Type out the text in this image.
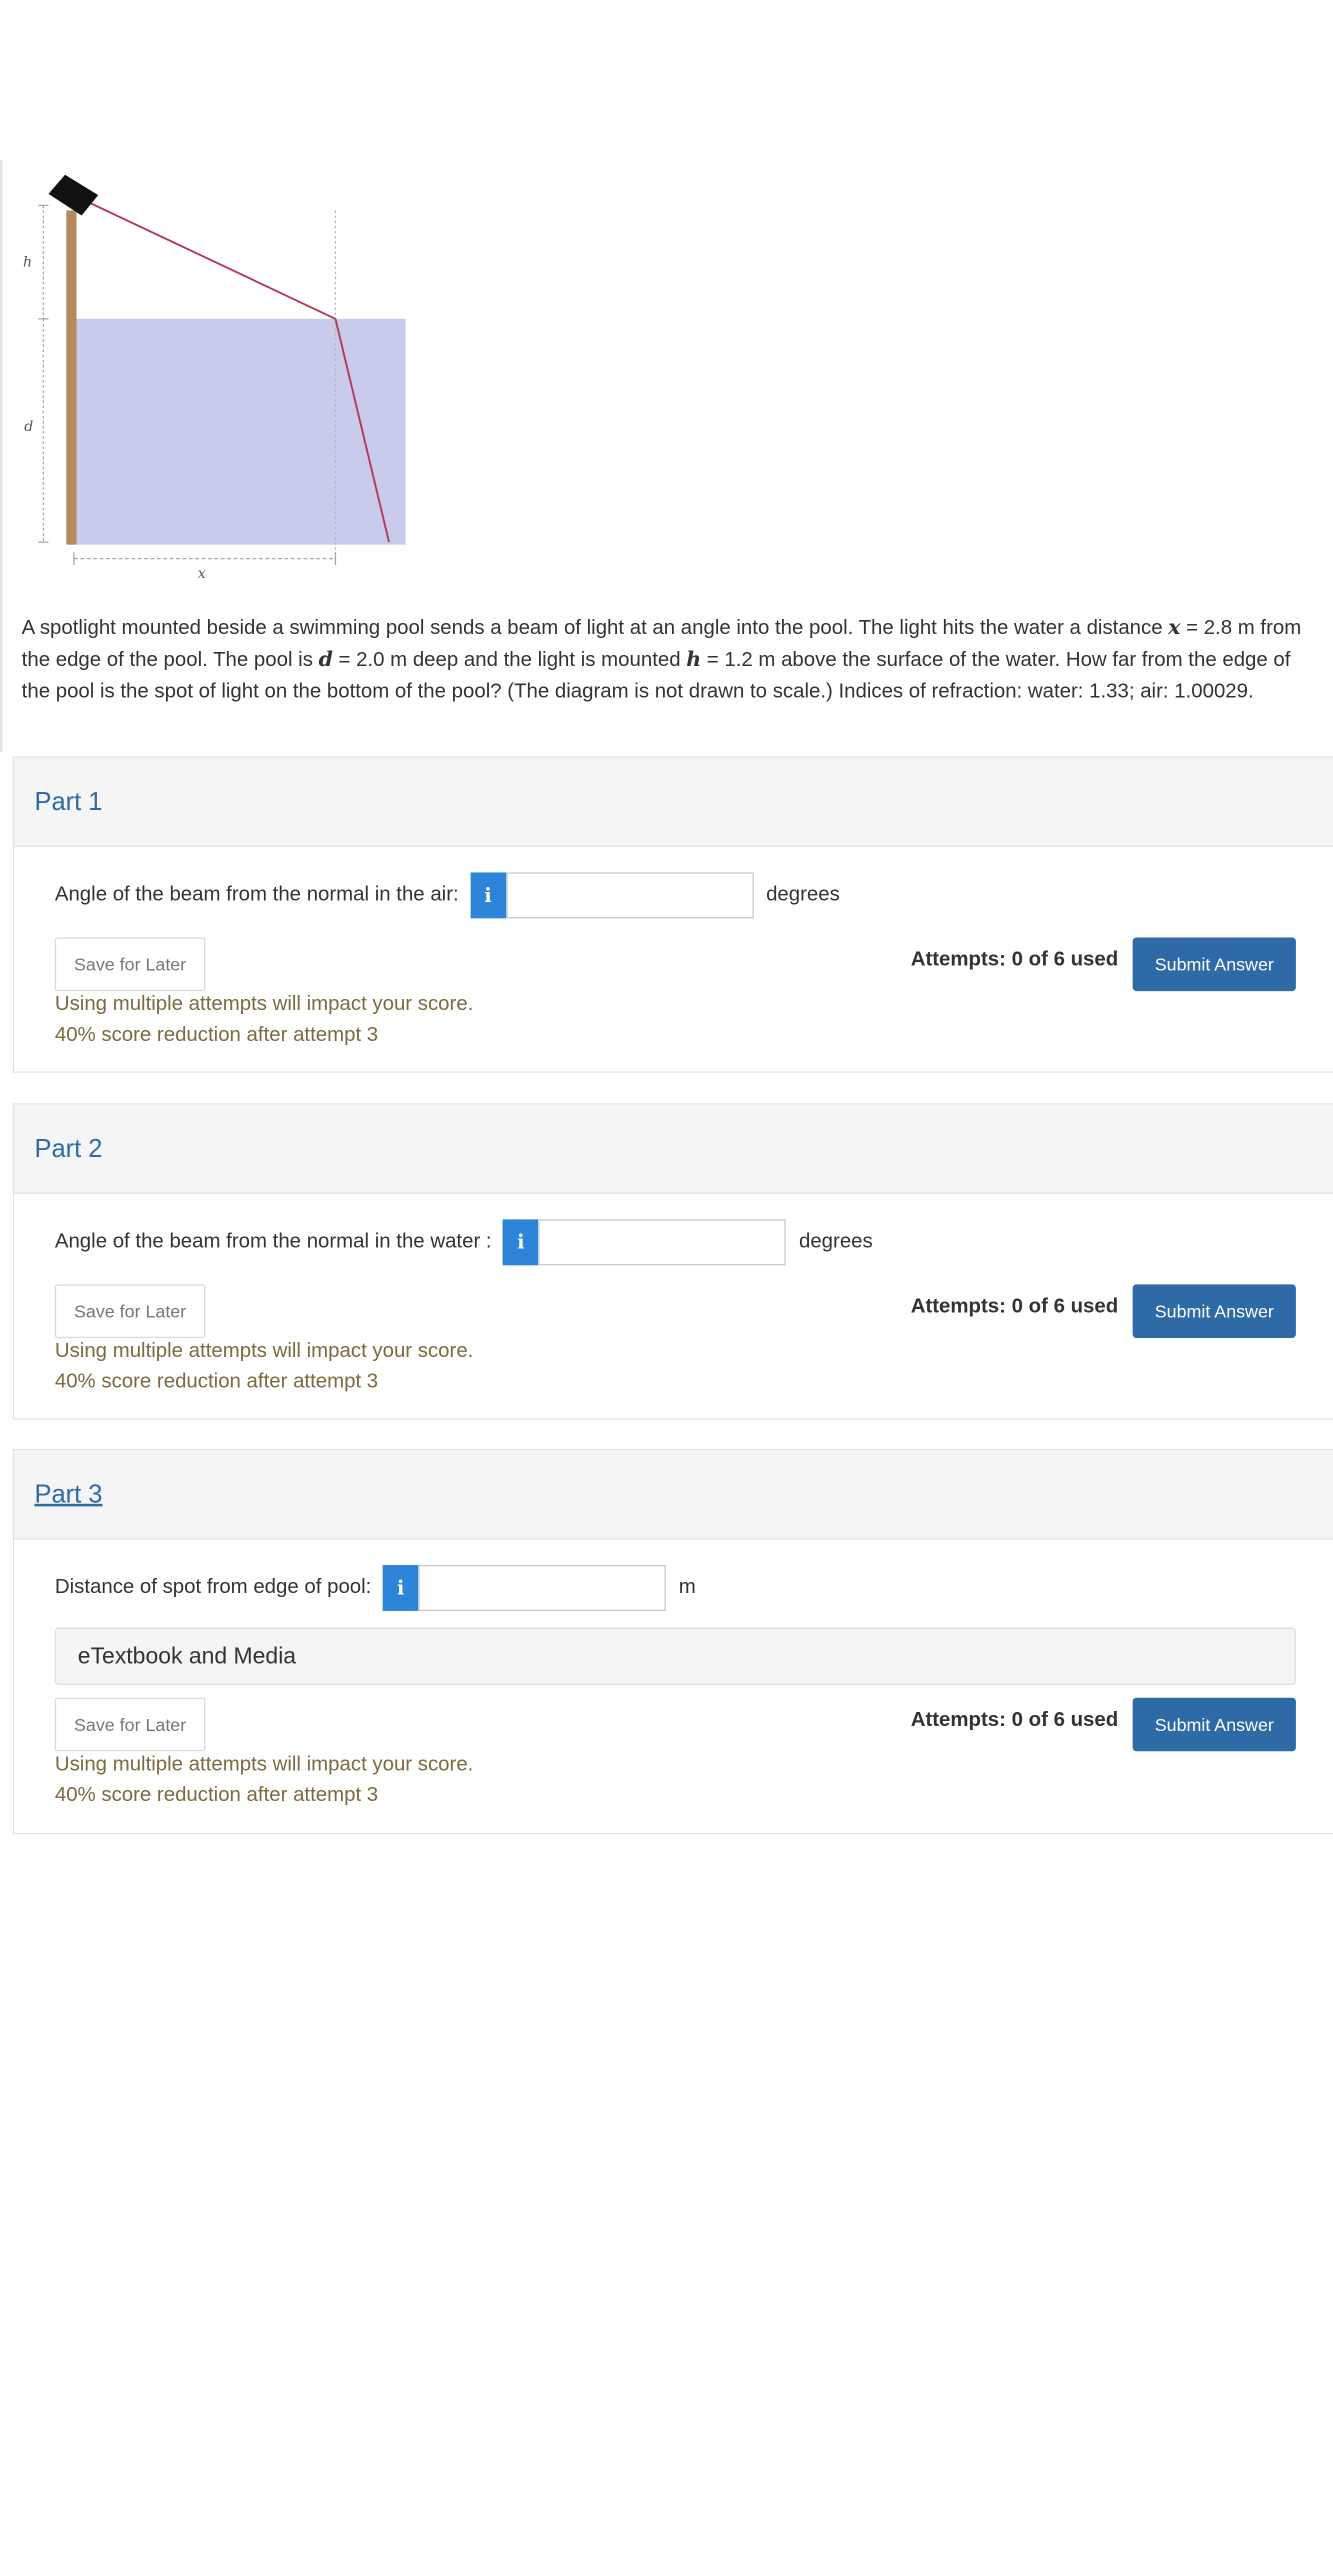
h
d
x
A spotlight mounted beside a swimming pool sends a beam of light at an angle into the pool. The light hits the water a distance x = 2.8 m from the edge of the pool. The pool is d = 2.0 m deep and the light is mounted h = 1.2 m above the surface of the water. How far from the edge of the pool is the spot of light on the bottom of the pool? (The diagram is not drawn to scale.) Indices of refraction: water: 1.33; air: 1.00029.
Part 1
Angle of the beam from the normal in the air:	i	degrees
Save for Later	Attempts: 0 of 6 used	Submit Answer
Using multiple attempts will impact your score.
40% score reduction after attempt 3
Part 2
Angle of the beam from the normal in the water :	i	degrees
Save for Later	Attempts: 0 of 6 used	Submit Answer
Using multiple attempts will impact your score.
40% score reduction after attempt 3
Part 3
Distance of spot from edge of pool:	i	m
eTextbook and Media
Save for Later	Attempts: 0 of 6 used	Submit Answer
Using multiple attempts will impact your score.
40% score reduction after attempt 3
